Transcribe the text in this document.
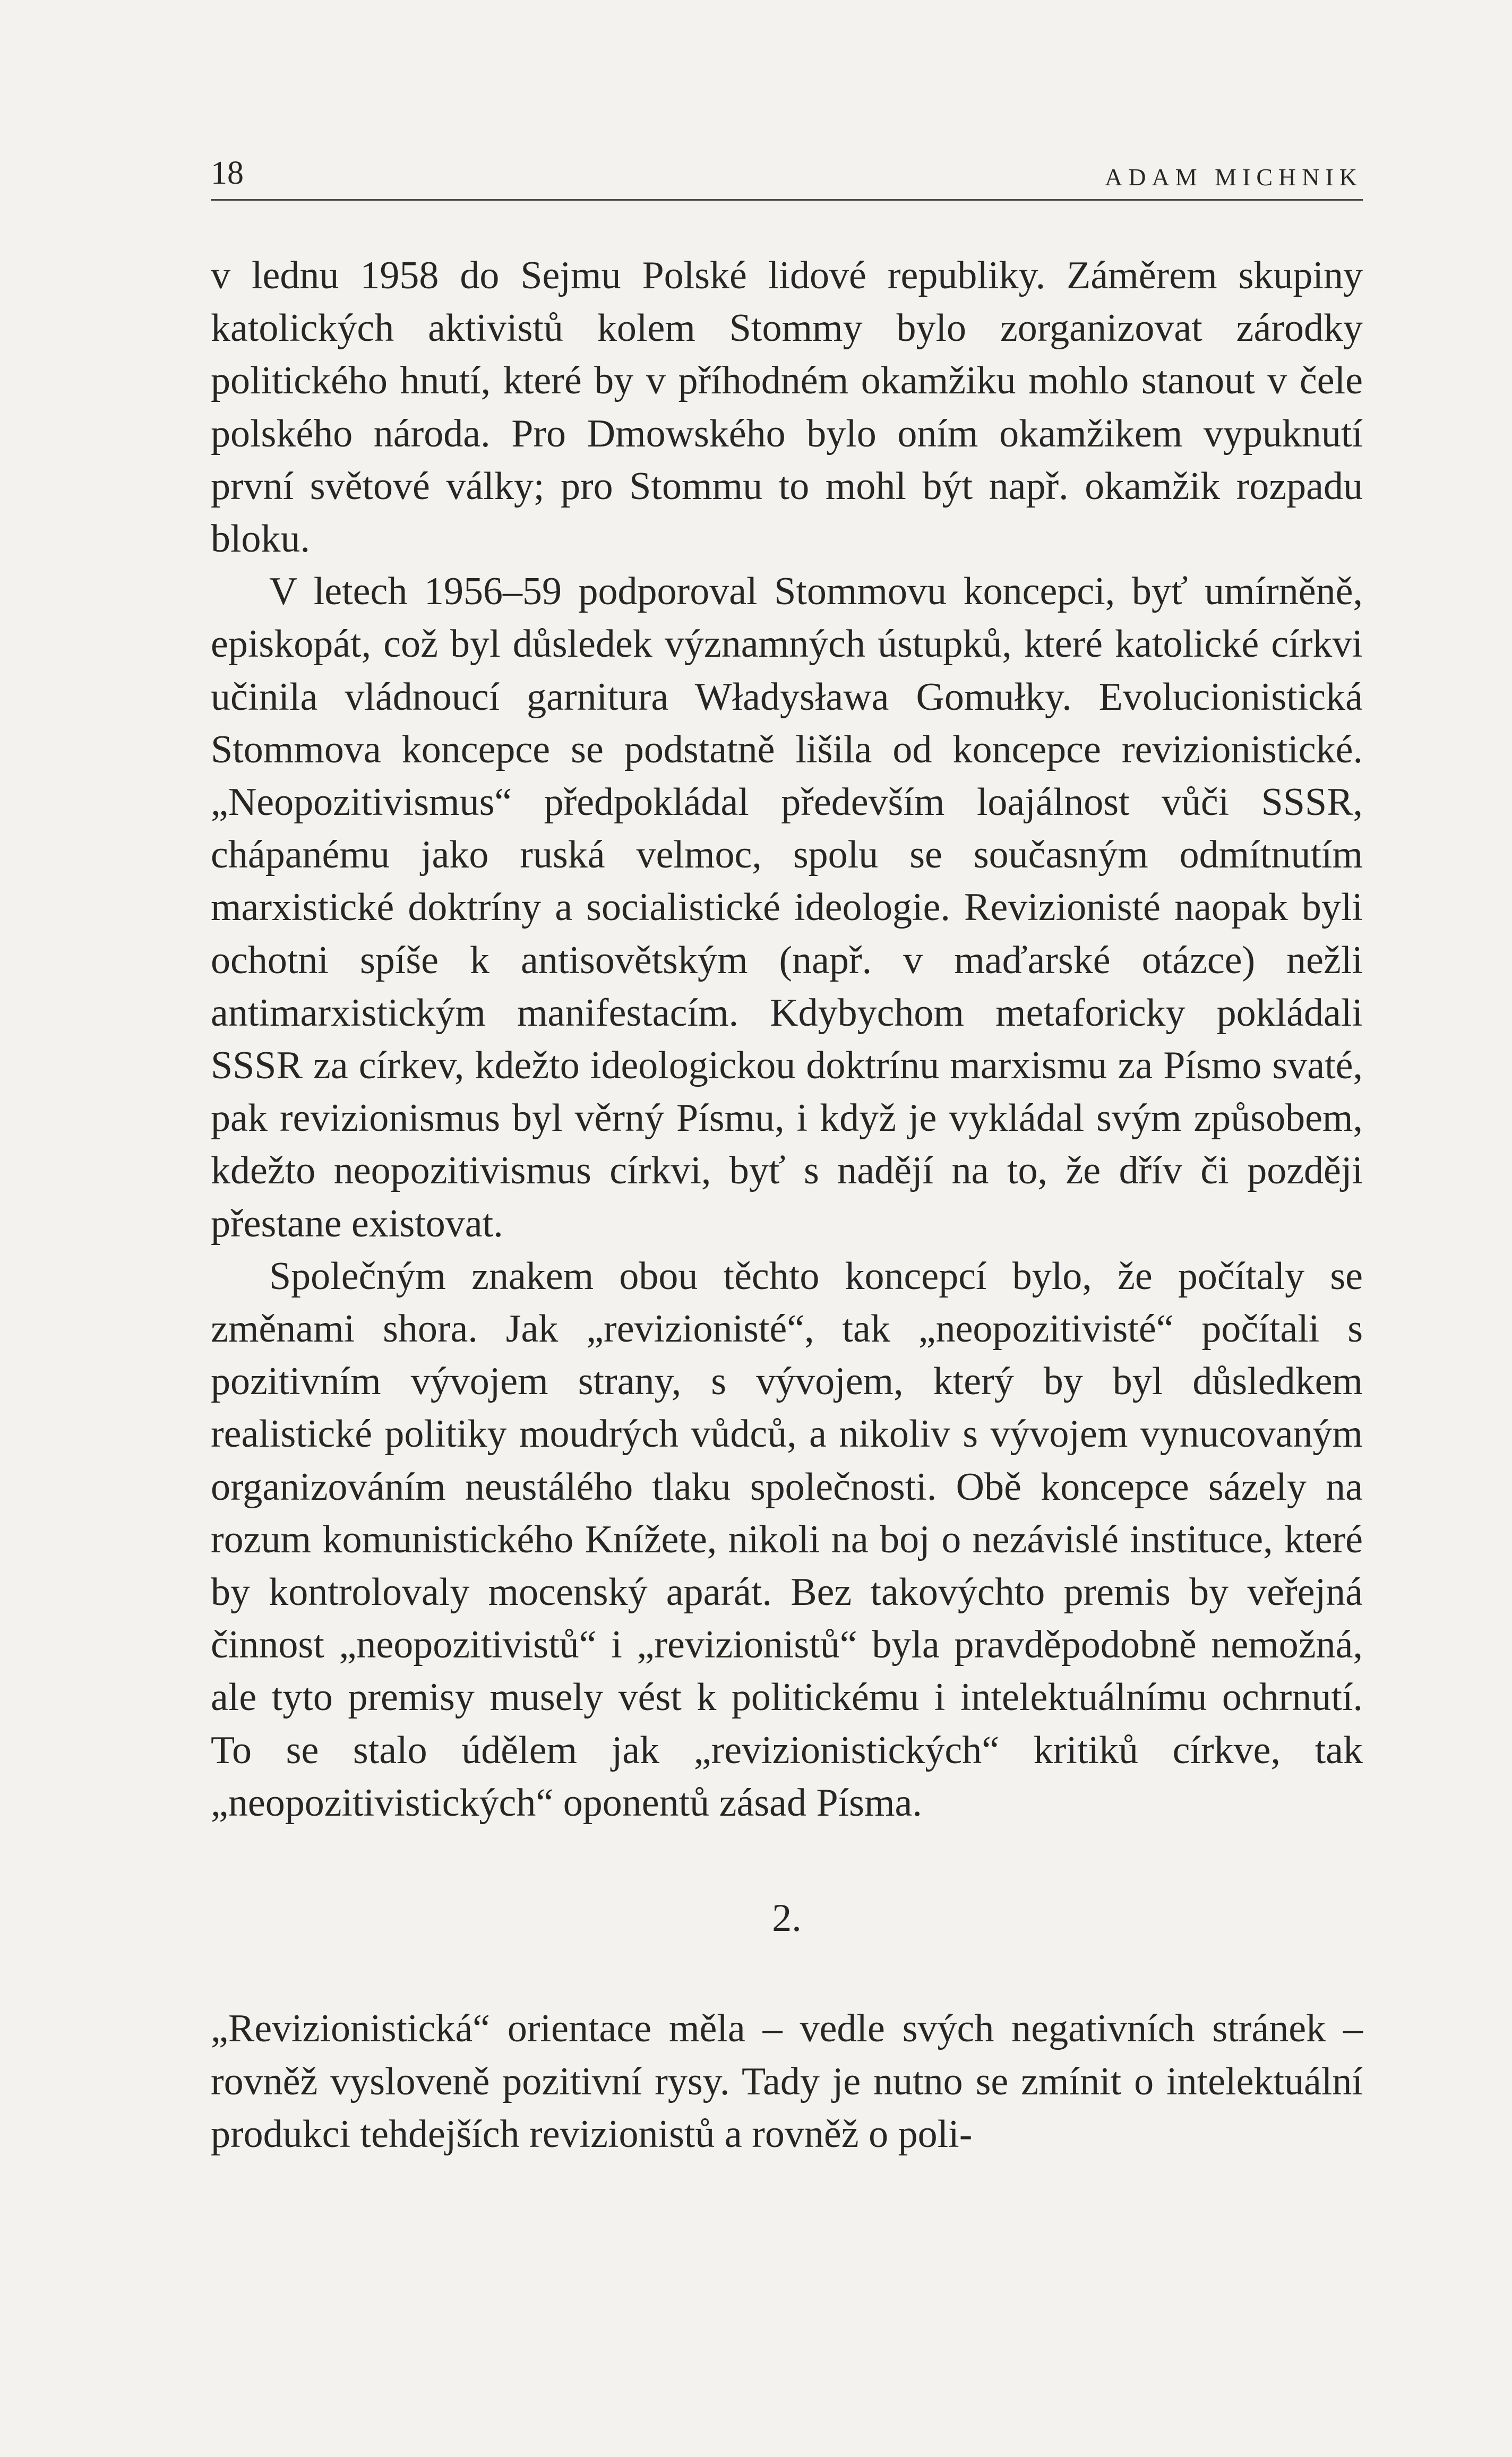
18	ADAM MICHNIK

v lednu 1958 do Sejmu Polské lidové republiky. Záměrem skupiny katolických aktivistů kolem Stommy bylo zorganizovat zárodky politického hnutí, které by v příhodném okamžiku mohlo stanout v čele polského národa. Pro Dmowského bylo oním okamžikem vypuknutí první světové války; pro Stommu to mohl být např. okamžik rozpadu bloku.

V letech 1956–59 podporoval Stommovu koncepci, byť umírněně, episkopát, což byl důsledek významných ústupků, které katolické církvi učinila vládnoucí garnitura Władysława Gomułky. Evolucionistická Stommova koncepce se podstatně lišila od koncepce revizionistické. „Neopozitivismus“ předpokládal především loajálnost vůči SSSR, chápanému jako ruská velmoc, spolu se současným odmítnutím marxistické doktríny a socialistické ideologie. Revizionisté naopak byli ochotni spíše k antisovětským (např. v maďarské otázce) nežli antimarxistickým manifestacím. Kdybychom metaforicky pokládali SSSR za církev, kdežto ideologickou doktrínu marxismu za Písmo svaté, pak revizionismus byl věrný Písmu, i když je vykládal svým způsobem, kdežto neopozitivismus církvi, byť s nadějí na to, že dřív či později přestane existovat.

Společným znakem obou těchto koncepcí bylo, že počítaly se změnami shora. Jak „revizionisté“, tak „neopozitivisté“ počítali s pozitivním vývojem strany, s vývojem, který by byl důsledkem realistické politiky moudrých vůdců, a nikoliv s vývojem vynucovaným organizováním neustálého tlaku společnosti. Obě koncepce sázely na rozum komunistického Knížete, nikoli na boj o nezávislé instituce, které by kontrolovaly mocenský aparát. Bez takovýchto premis by veřejná činnost „neopozitivistů“ i „revizionistů“ byla pravděpodobně nemožná, ale tyto premisy musely vést k politickému i intelektuálnímu ochrnutí. To se stalo údělem jak „revizionistických“ kritiků církve, tak „neopozitivistických“ oponentů zásad Písma.

2.

„Revizionistická“ orientace měla – vedle svých negativních stránek – rovněž vysloveně pozitivní rysy. Tady je nutno se zmínit o intelektuální produkci tehdejších revizionistů a rovněž o poli-
